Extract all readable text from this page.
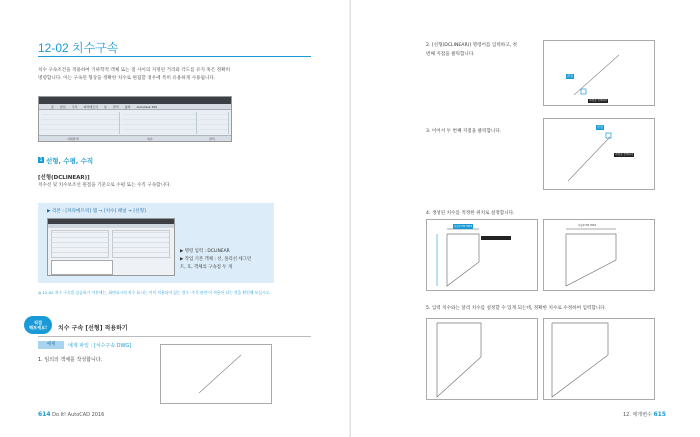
12-02 치수구속
치수 구속조건을 적용하여 기하학적 객체 또는 점 사이의 지정된 거리와 각도를 유지 혹은 정확히
명령합니다. 이는 구속된 형상을 정확한 치수로 편집할 경우에 특히 유용하게 사용됩니다.
홈 삽입 주석 파라메트릭 뷰 관리 출력 Autodesk 360
기하학적	치수	관리
1 선형, 수평, 수직
[선형(DCLINEAR)]
치수선 및 치수보조선 원점을 기준으로 수평 또는 수직 구속합니다.
▶ 리본 : [파라메트릭] 탭 → [치수] 패널 → [선형]
▶ 명령 입력 : DCLINEAR
▶ 작업 기본 객체 : 선, 폴리선 세그먼
트, 호, 객체의 구속점 두 개
◎ 12-02 치수 구속을 실습하기 이전에는, 화면표시의 치수 표시는 이미 적용되어 있는 경우 '주석 관련'이 적용이 되는 것을 확인해 보십시오.
직접
해보세요!	치수 구속 [선형] 적용하기
예제	예제 파일 : [치수구속.DWG]
1. 임의의 객체를 작성합니다.
614 Do It! AutoCAD 2016
2. [선형(DCLINEAR)] 명령어를 입력하고, 첫
번째 지점을 클릭합니다.
끝점
지정점 선택하기
3. 이어서 두 번째 지점을 클릭합니다.
끝점
지정점 선택하기
4. 생성된 치수를 적정한 위치로 설정합니다.
선형1=50.3563	선형1=50.3563
5. 입력 치수와는 달리 치수를 설정할 수 있게 되는데, 정확한 치수로 수정하여 입력합니다.
12. 매개변수 615
